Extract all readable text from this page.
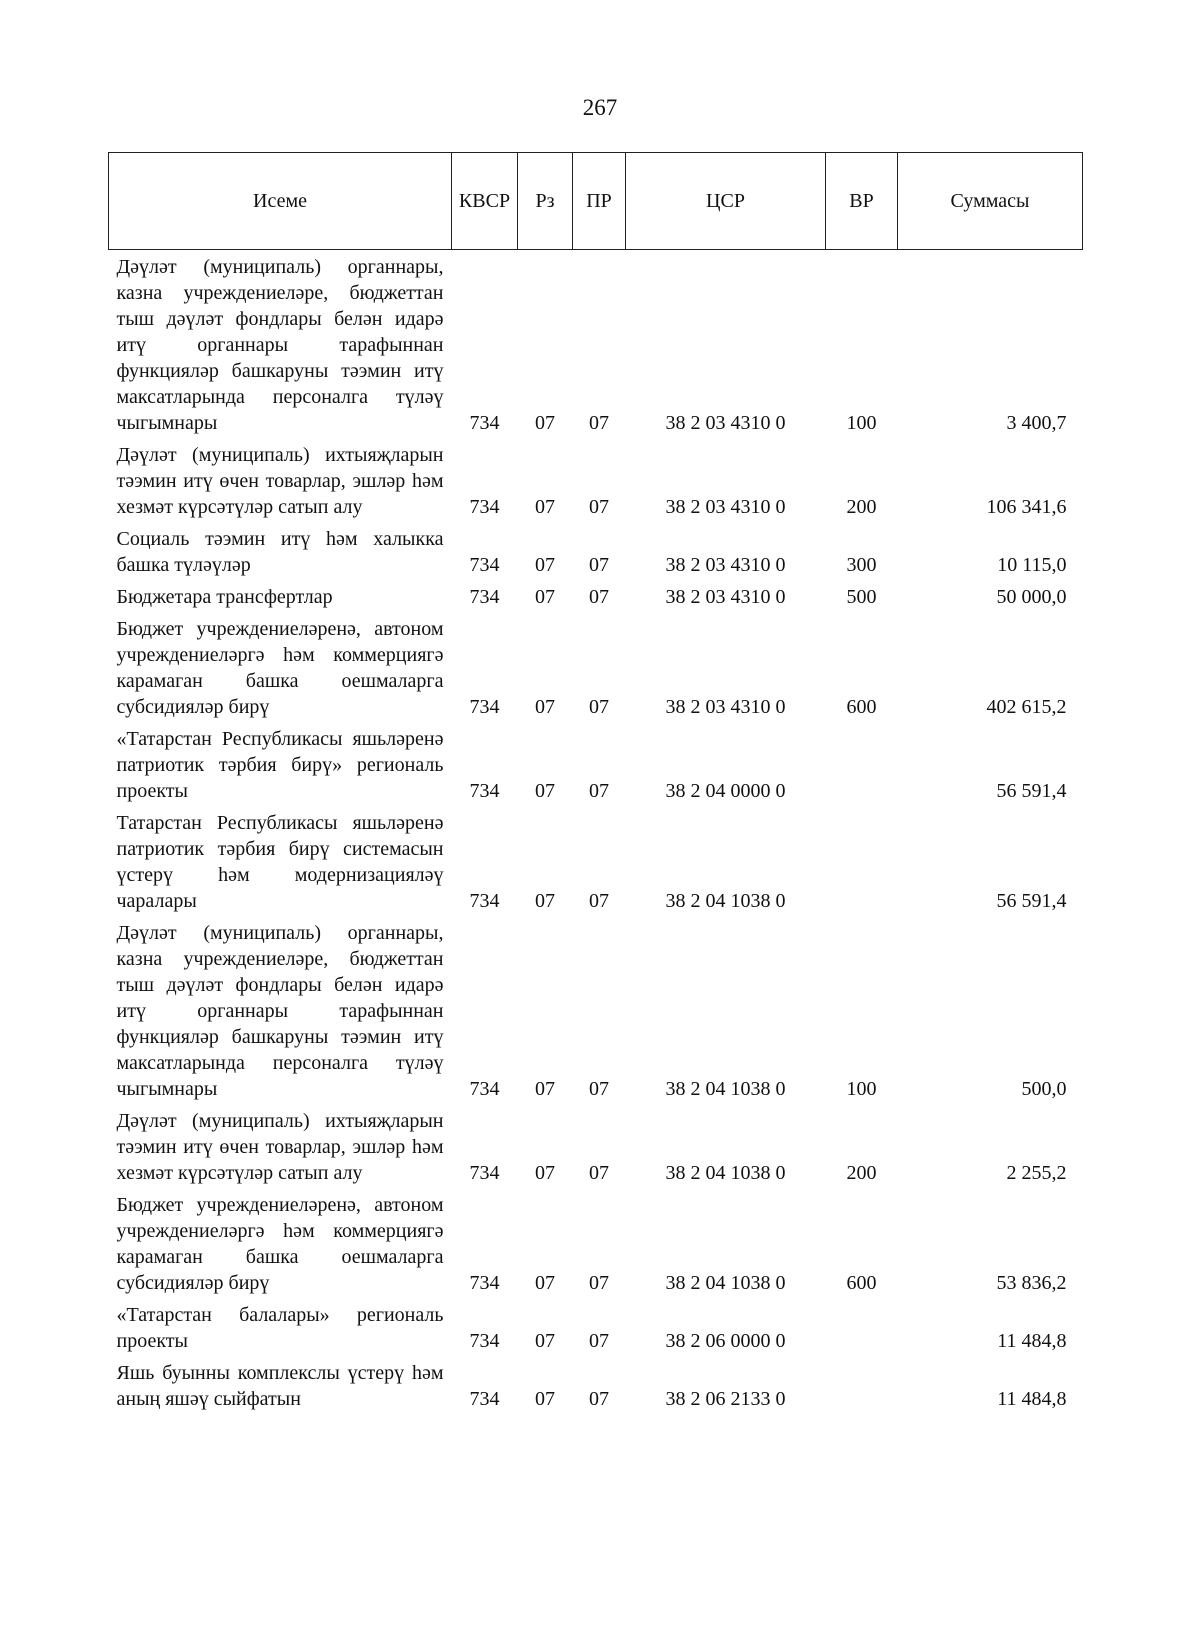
267
Исеме	КВСР	Рз	ПР	ЦСР	ВР	Суммасы
Дәүләт (муниципаль) органнары, казна учреждениеләре, бюджеттан тыш дәүләт фондлары белән идарә итү органнары тарафыннан функцияләр башкаруны тәэмин итү максатларында персоналга түләү чыгымнары	734	07	07	38 2 03 4310 0	100	3 400,7
Дәүләт (муниципаль) ихтыяҗларын тәэмин итү өчен товарлар, эшләр һәм хезмәт күрсәтүләр сатып алу	734	07	07	38 2 03 4310 0	200	106 341,6
Социаль тәэмин итү һәм халыкка башка түләүләр	734	07	07	38 2 03 4310 0	300	10 115,0
Бюджетара трансфертлар	734	07	07	38 2 03 4310 0	500	50 000,0
Бюджет учреждениеләренә, автоном учреждениеләргә һәм коммерциягә карамаган башка оешмаларга субсидияләр бирү	734	07	07	38 2 03 4310 0	600	402 615,2
«Татарстан Республикасы яшьләренә патриотик тәрбия бирү» региональ проекты	734	07	07	38 2 04 0000 0		56 591,4
Татарстан Республикасы яшьләренә патриотик тәрбия бирү системасын үстерү һәм модернизацияләү чаралары	734	07	07	38 2 04 1038 0		56 591,4
Дәүләт (муниципаль) органнары, казна учреждениеләре, бюджеттан тыш дәүләт фондлары белән идарә итү органнары тарафыннан функцияләр башкаруны тәэмин итү максатларында персоналга түләү чыгымнары	734	07	07	38 2 04 1038 0	100	500,0
Дәүләт (муниципаль) ихтыяҗларын тәэмин итү өчен товарлар, эшләр һәм хезмәт күрсәтүләр сатып алу	734	07	07	38 2 04 1038 0	200	2 255,2
Бюджет учреждениеләренә, автоном учреждениеләргә һәм коммерциягә карамаган башка оешмаларга субсидияләр бирү	734	07	07	38 2 04 1038 0	600	53 836,2
«Татарстан балалары» региональ проекты	734	07	07	38 2 06 0000 0		11 484,8
Яшь буынны комплекслы үстерү һәм аның яшәү сыйфатын	734	07	07	38 2 06 2133 0		11 484,8
